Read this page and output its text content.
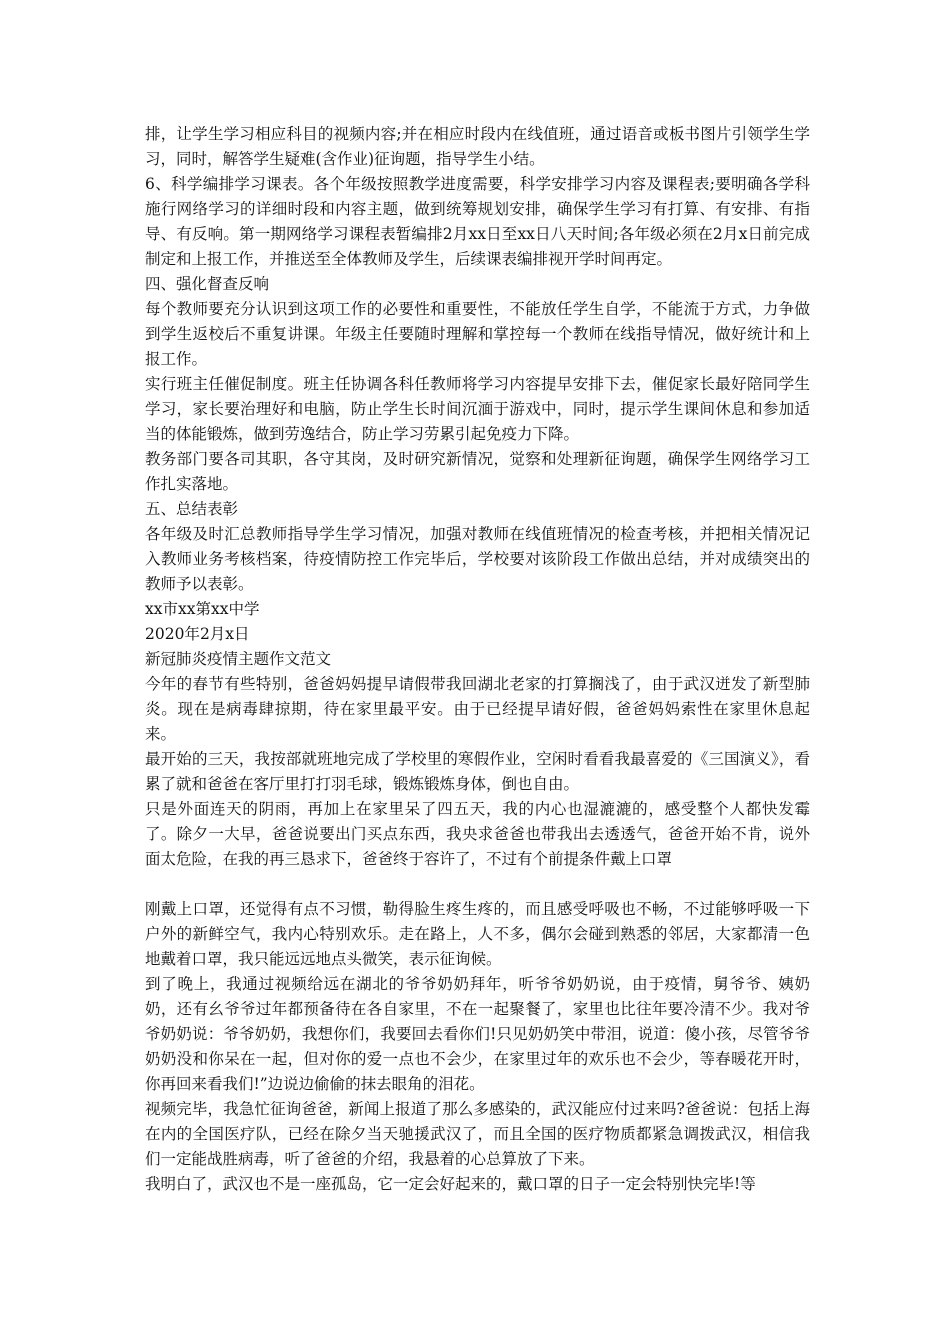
排，让学生学习相应科目的视频内容;并在相应时段内在线值班，通过语音或板书图片引领学生学习，同时，解答学生疑难(含作业)征询题，指导学生小结。

6、科学编排学习课表。各个年级按照教学进度需要，科学安排学习内容及课程表;要明确各学科施行网络学习的详细时段和内容主题，做到统筹规划安排，确保学生学习有打算、有安排、有指导、有反响。第一期网络学习课程表暂编排2月xx日至xx日八天时间;各年级必须在2月x日前完成制定和上报工作，并推送至全体教师及学生，后续课表编排视开学时间再定。

四、强化督查反响

每个教师要充分认识到这项工作的必要性和重要性，不能放任学生自学，不能流于方式，力争做到学生返校后不重复讲课。年级主任要随时理解和掌控每一个教师在线指导情况，做好统计和上报工作。

实行班主任催促制度。班主任协调各科任教师将学习内容提早安排下去，催促家长最好陪同学生学习，家长要治理好和电脑，防止学生长时间沉湎于游戏中，同时，提示学生课间休息和参加适当的体能锻炼，做到劳逸结合，防止学习劳累引起免疫力下降。

教务部门要各司其职，各守其岗，及时研究新情况，觉察和处理新征询题，确保学生网络学习工作扎实落地。

五、总结表彰

各年级及时汇总教师指导学生学习情况，加强对教师在线值班情况的检查考核，并把相关情况记入教师业务考核档案，待疫情防控工作完毕后，学校要对该阶段工作做出总结，并对成绩突出的教师予以表彰。

xx市xx第xx中学

2020年2月x日

新冠肺炎疫情主题作文范文

今年的春节有些特别，爸爸妈妈提早请假带我回湖北老家的打算搁浅了，由于武汉迸发了新型肺炎。现在是病毒肆掠期，待在家里最平安。由于已经提早请好假，爸爸妈妈索性在家里休息起来。

最开始的三天，我按部就班地完成了学校里的寒假作业，空闲时看看我最喜爱的《三国演义》，看累了就和爸爸在客厅里打打羽毛球，锻炼锻炼身体，倒也自由。

只是外面连天的阴雨，再加上在家里呆了四五天，我的内心也湿漉漉的，感受整个人都快发霉了。除夕一大早，爸爸说要出门买点东西，我央求爸爸也带我出去透透气，爸爸开始不肯，说外面太危险，在我的再三恳求下，爸爸终于容许了，不过有个前提条件戴上口罩

刚戴上口罩，还觉得有点不习惯，勒得脸生疼生疼的，而且感受呼吸也不畅，不过能够呼吸一下户外的新鲜空气，我内心特别欢乐。走在路上，人不多，偶尔会碰到熟悉的邻居，大家都清一色地戴着口罩，我只能远远地点头微笑，表示征询候。

到了晚上，我通过视频给远在湖北的爷爷奶奶拜年，听爷爷奶奶说，由于疫情，舅爷爷、姨奶奶，还有幺爷爷过年都预备待在各自家里，不在一起聚餐了，家里也比往年要冷清不少。我对爷爷奶奶说：爷爷奶奶，我想你们，我要回去看你们!只见奶奶笑中带泪，说道：傻小孩，尽管爷爷奶奶没和你呆在一起，但对你的爱一点也不会少，在家里过年的欢乐也不会少，等春暖花开时，你再回来看我们!”边说边偷偷的抹去眼角的泪花。

视频完毕，我急忙征询爸爸，新闻上报道了那么多感染的，武汉能应付过来吗?爸爸说：包括上海在内的全国医疗队，已经在除夕当天驰援武汉了，而且全国的医疗物质都紧急调拨武汉，相信我们一定能战胜病毒，听了爸爸的介绍，我悬着的心总算放了下来。

我明白了，武汉也不是一座孤岛，它一定会好起来的，戴口罩的日子一定会特别快完毕!等
